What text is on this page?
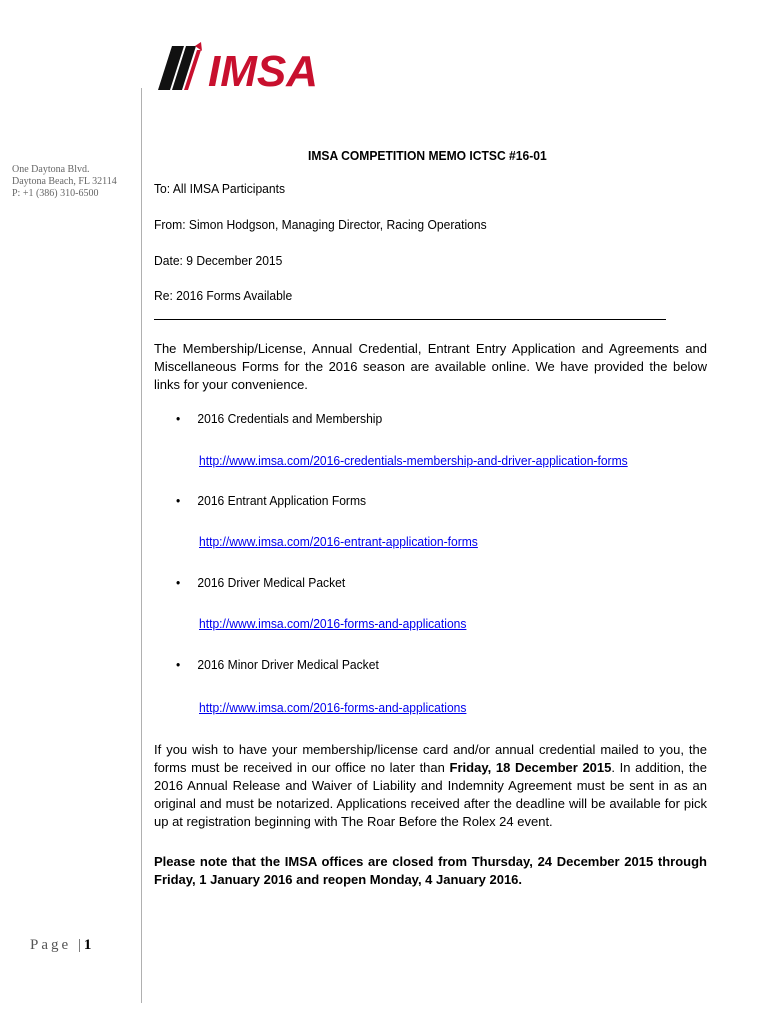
IMSA
One Daytona Blvd.
Daytona Beach, FL 32114
P: +1 (386) 310-6500
IMSA COMPETITION MEMO ICTSC #16-01
To: All IMSA Participants
From: Simon Hodgson, Managing Director, Racing Operations
Date: 9 December 2015
Re: 2016 Forms Available
The Membership/License, Annual Credential, Entrant Entry Application and Agreements and Miscellaneous Forms for the 2016 season are available online. We have provided the below links for your convenience.
• 2016 Credentials and Membership
http://www.imsa.com/2016-credentials-membership-and-driver-application-forms
• 2016 Entrant Application Forms
http://www.imsa.com/2016-entrant-application-forms
• 2016 Driver Medical Packet
http://www.imsa.com/2016-forms-and-applications
• 2016 Minor Driver Medical Packet
http://www.imsa.com/2016-forms-and-applications
If you wish to have your membership/license card and/or annual credential mailed to you, the forms must be received in our office no later than Friday, 18 December 2015. In addition, the 2016 Annual Release and Waiver of Liability and Indemnity Agreement must be sent in as an original and must be notarized. Applications received after the deadline will be available for pick up at registration beginning with The Roar Before the Rolex 24 event.
Please note that the IMSA offices are closed from Thursday, 24 December 2015 through Friday, 1 January 2016 and reopen Monday, 4 January 2016.
Page |1
